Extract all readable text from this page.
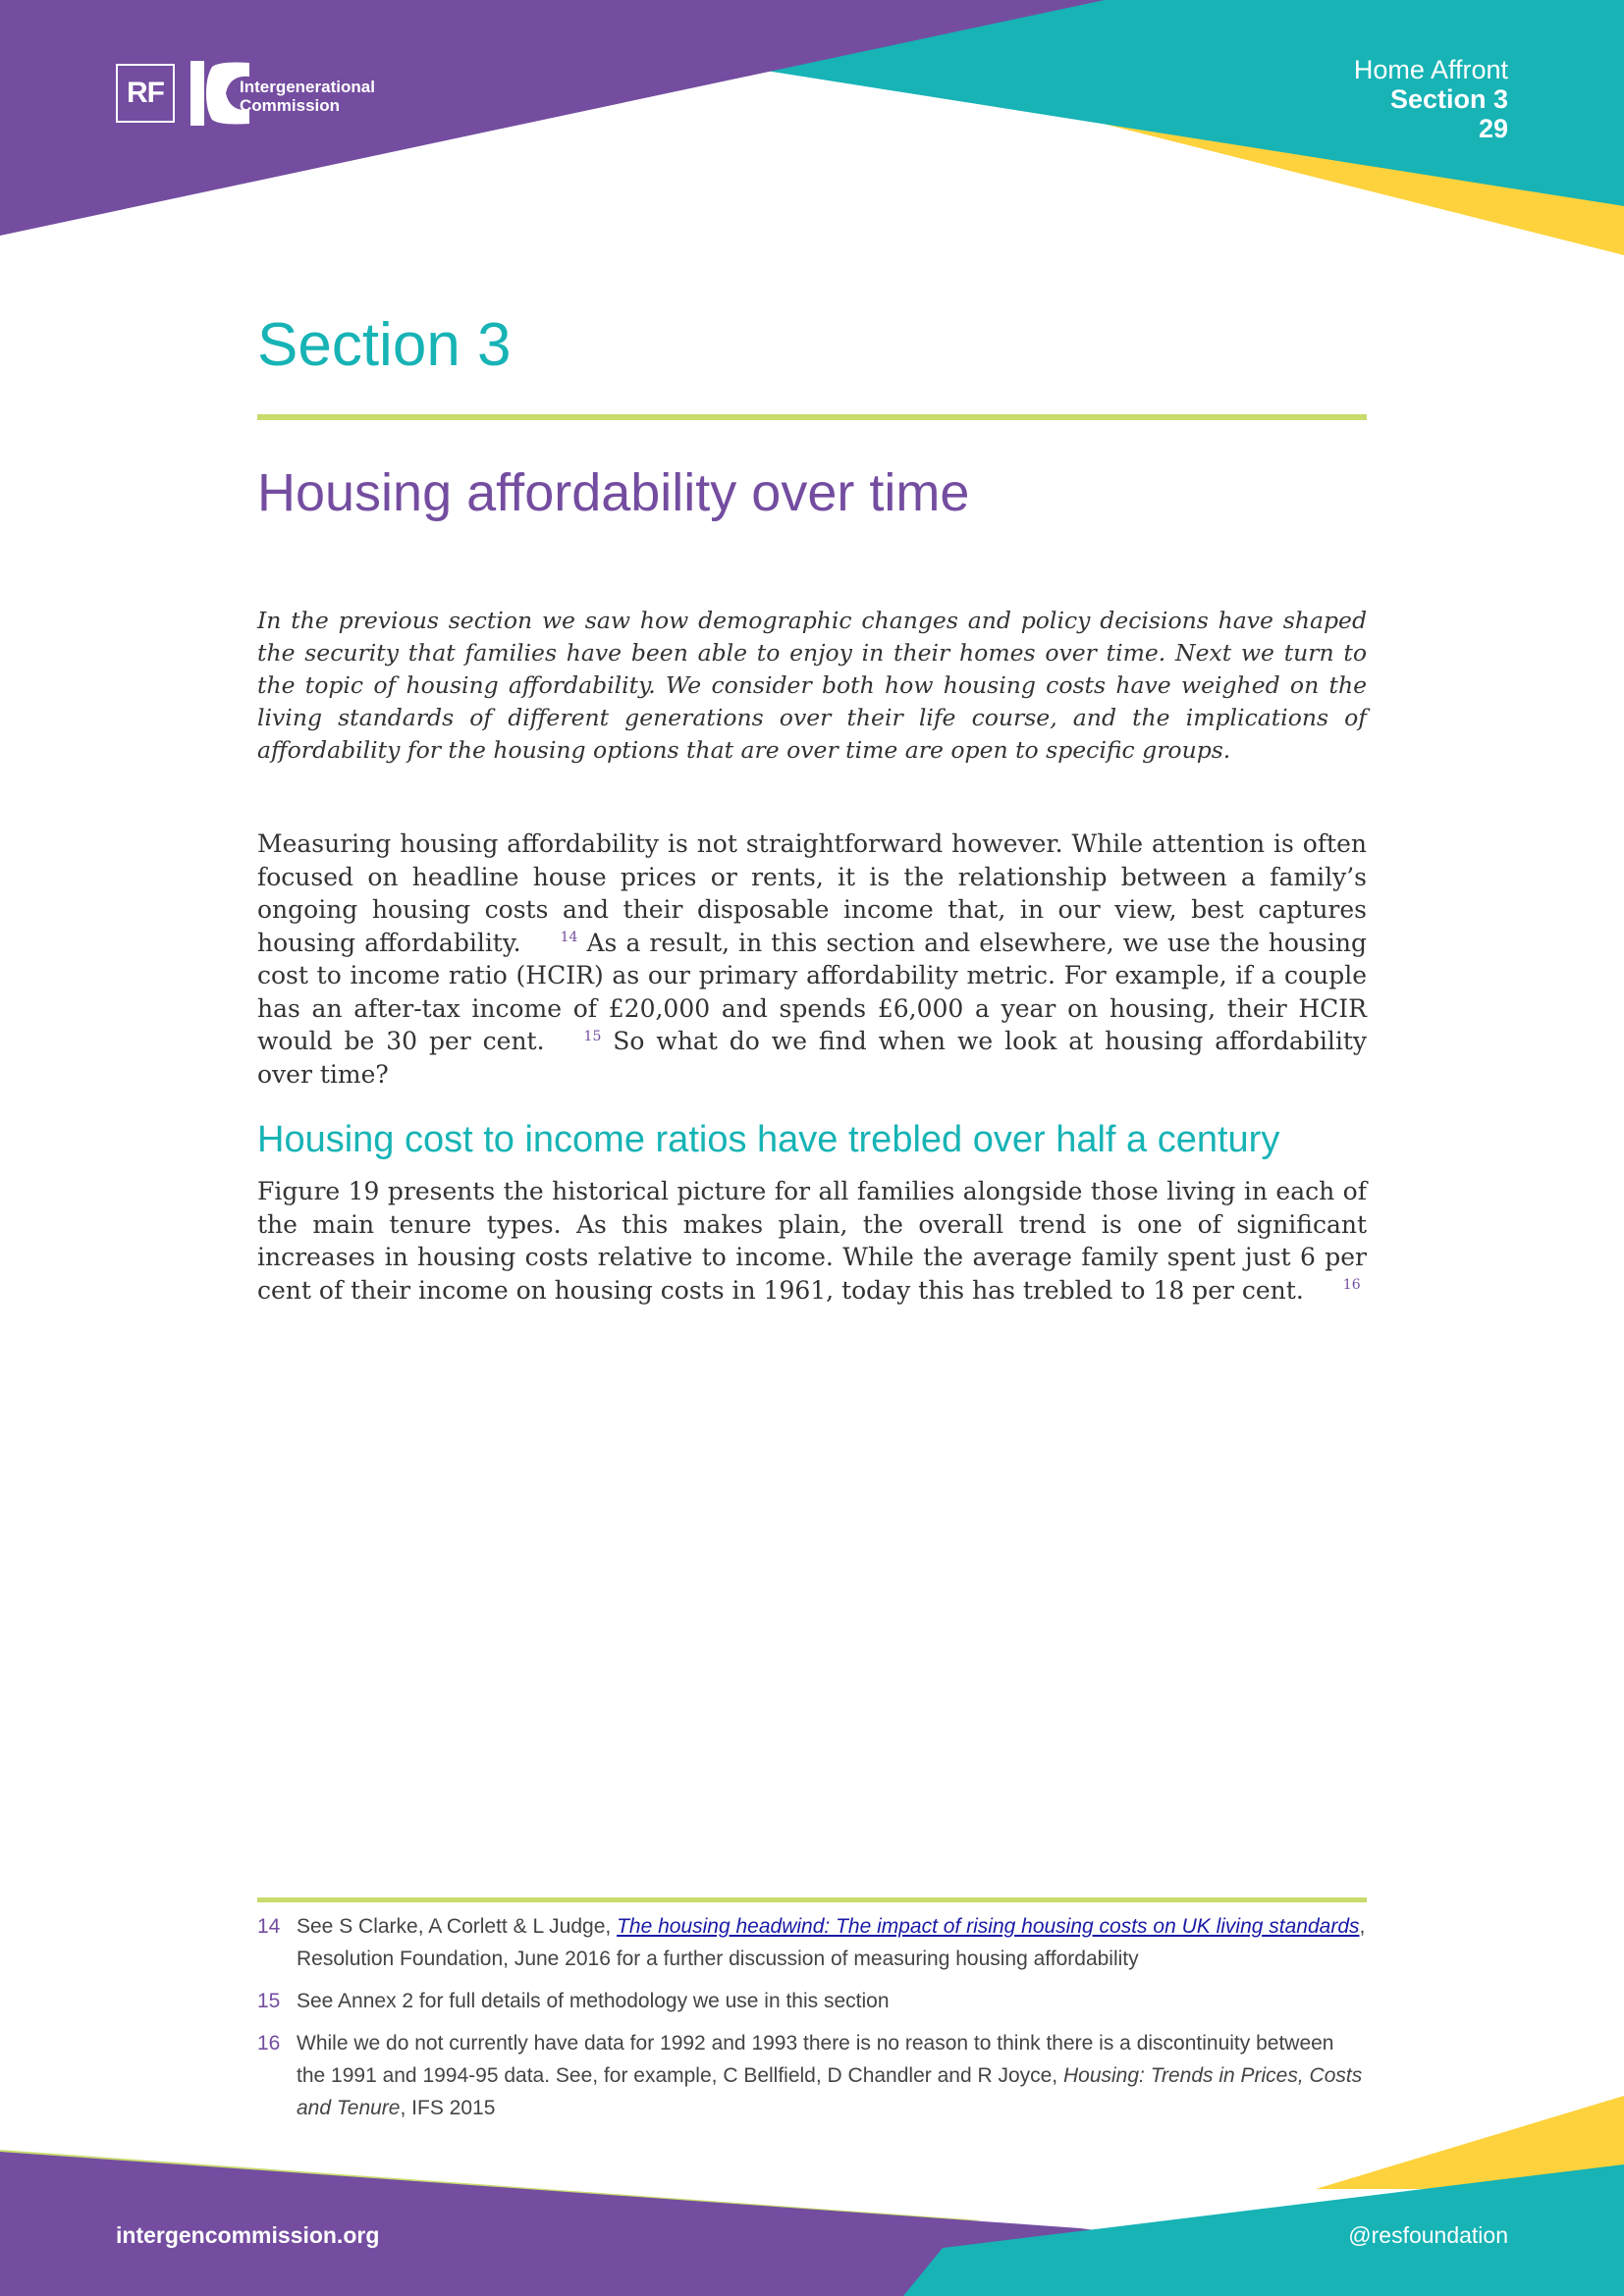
RF	Intergenerational
Commission
Home Affront
Section 3
29
Section 3
Housing affordability over time

In the previous section we saw how demographic changes and policy decisions have shaped the security that families have been able to enjoy in their homes over time. Next we turn to the topic of housing affordability. We consider both how housing costs have weighed on the living standards of different generations over their life course, and the implications of affordability for the housing options that are over time are open to specific groups.

Measuring housing affordability is not straightforward however. While attention is often focused on headline house prices or rents, it is the relationship between a family’s ongoing housing costs and their disposable income that, in our view, best captures housing affordability.	$^{14}$ As a result, in this section and elsewhere, we use the housing cost to income ratio (HCIR) as our primary affordability metric. For example, if a couple has an after-tax income of £20,000 and spends £6,000 a year on housing, their HCIR would be 30 per cent.	$^{15}$ So what do we find when we look at housing affordability over time?

Housing cost to income ratios have trebled over half a century

Figure 19 presents the historical picture for all families alongside those living in each of the main tenure types. As this makes plain, the overall trend is one of significant increases in housing costs relative to income. While the average family spent just 6 per cent of their income on housing costs in 1961, today this has trebled to 18 per cent.	$^{16}$

14 See S Clarke, A Corlett & L Judge, The housing headwind: The impact of rising housing costs on UK living standards, Resolution Foundation, June 2016 for a further discussion of measuring housing affordability
15 See Annex 2 for full details of methodology we use in this section
16 While we do not currently have data for 1992 and 1993 there is no reason to think there is a discontinuity between the 1991 and 1994-95 data. See, for example, C Bellfield, D Chandler and R Joyce, Housing: Trends in Prices, Costs and Tenure, IFS 2015
intergencommission.org	@resfoundation
